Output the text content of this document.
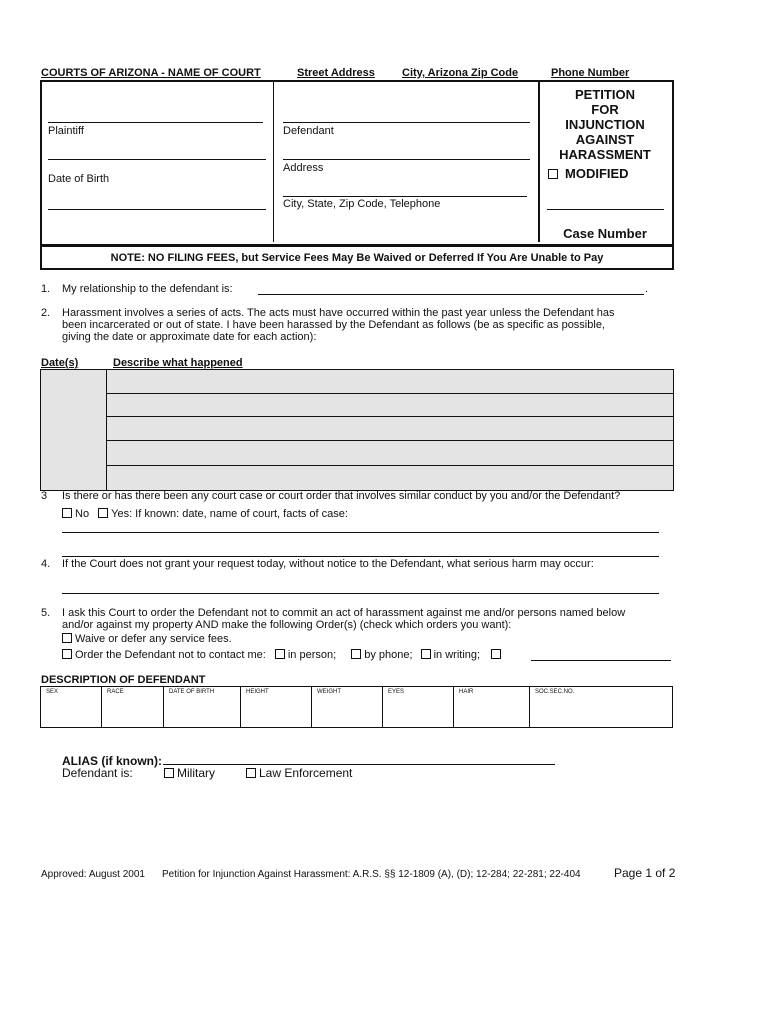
COURTS OF ARIZONA - NAME OF COURT	Street Address City, Arizona Zip Code	Phone Number
Plaintiff
Date of Birth
Defendant
Address
City, State, Zip Code, Telephone
PETITION
FOR
INJUNCTION
AGAINST
HARASSMENT
MODIFIED
Case Number
NOTE: NO FILING FEES, but Service Fees May Be Waived or Deferred If You Are Unable to Pay
1. My relationship to the defendant is:	.
2. Harassment involves a series of acts. The acts must have occurred within the past year unless the Defendant has
been incarcerated or out of state. I have been harassed by the Defendant as follows (be as specific as possible,
giving the date or approximate date for each action):
Date(s)	Describe what happened
3 Is there or has there been any court case or court order that involves similar conduct by you and/or the Defendant?
No Yes: If known: date, name of court, facts of case:
4. If the Court does not grant your request today, without notice to the Defendant, what serious harm may occur:
5. I ask this Court to order the Defendant not to commit an act of harassment against me and/or persons named below
and/or against my property AND make the following Order(s) (check which orders you want):
Waive or defer any service fees.
Order the Defendant not to contact me: in person;	by phone; in writing;
DESCRIPTION OF DEFENDANT
SEX	RACE	DATE OF BIRTH	HEIGHT	WEIGHT	EYES	HAIR	SOC.SEC.NO.
ALIAS (if known):
Defendant is:	Military	Law Enforcement
Approved: August 2001 Petition for Injunction Against Harassment: A.R.S. §§ 12-1809 (A), (D); 12-284; 22-281; 22-404	Page 1 of 2
